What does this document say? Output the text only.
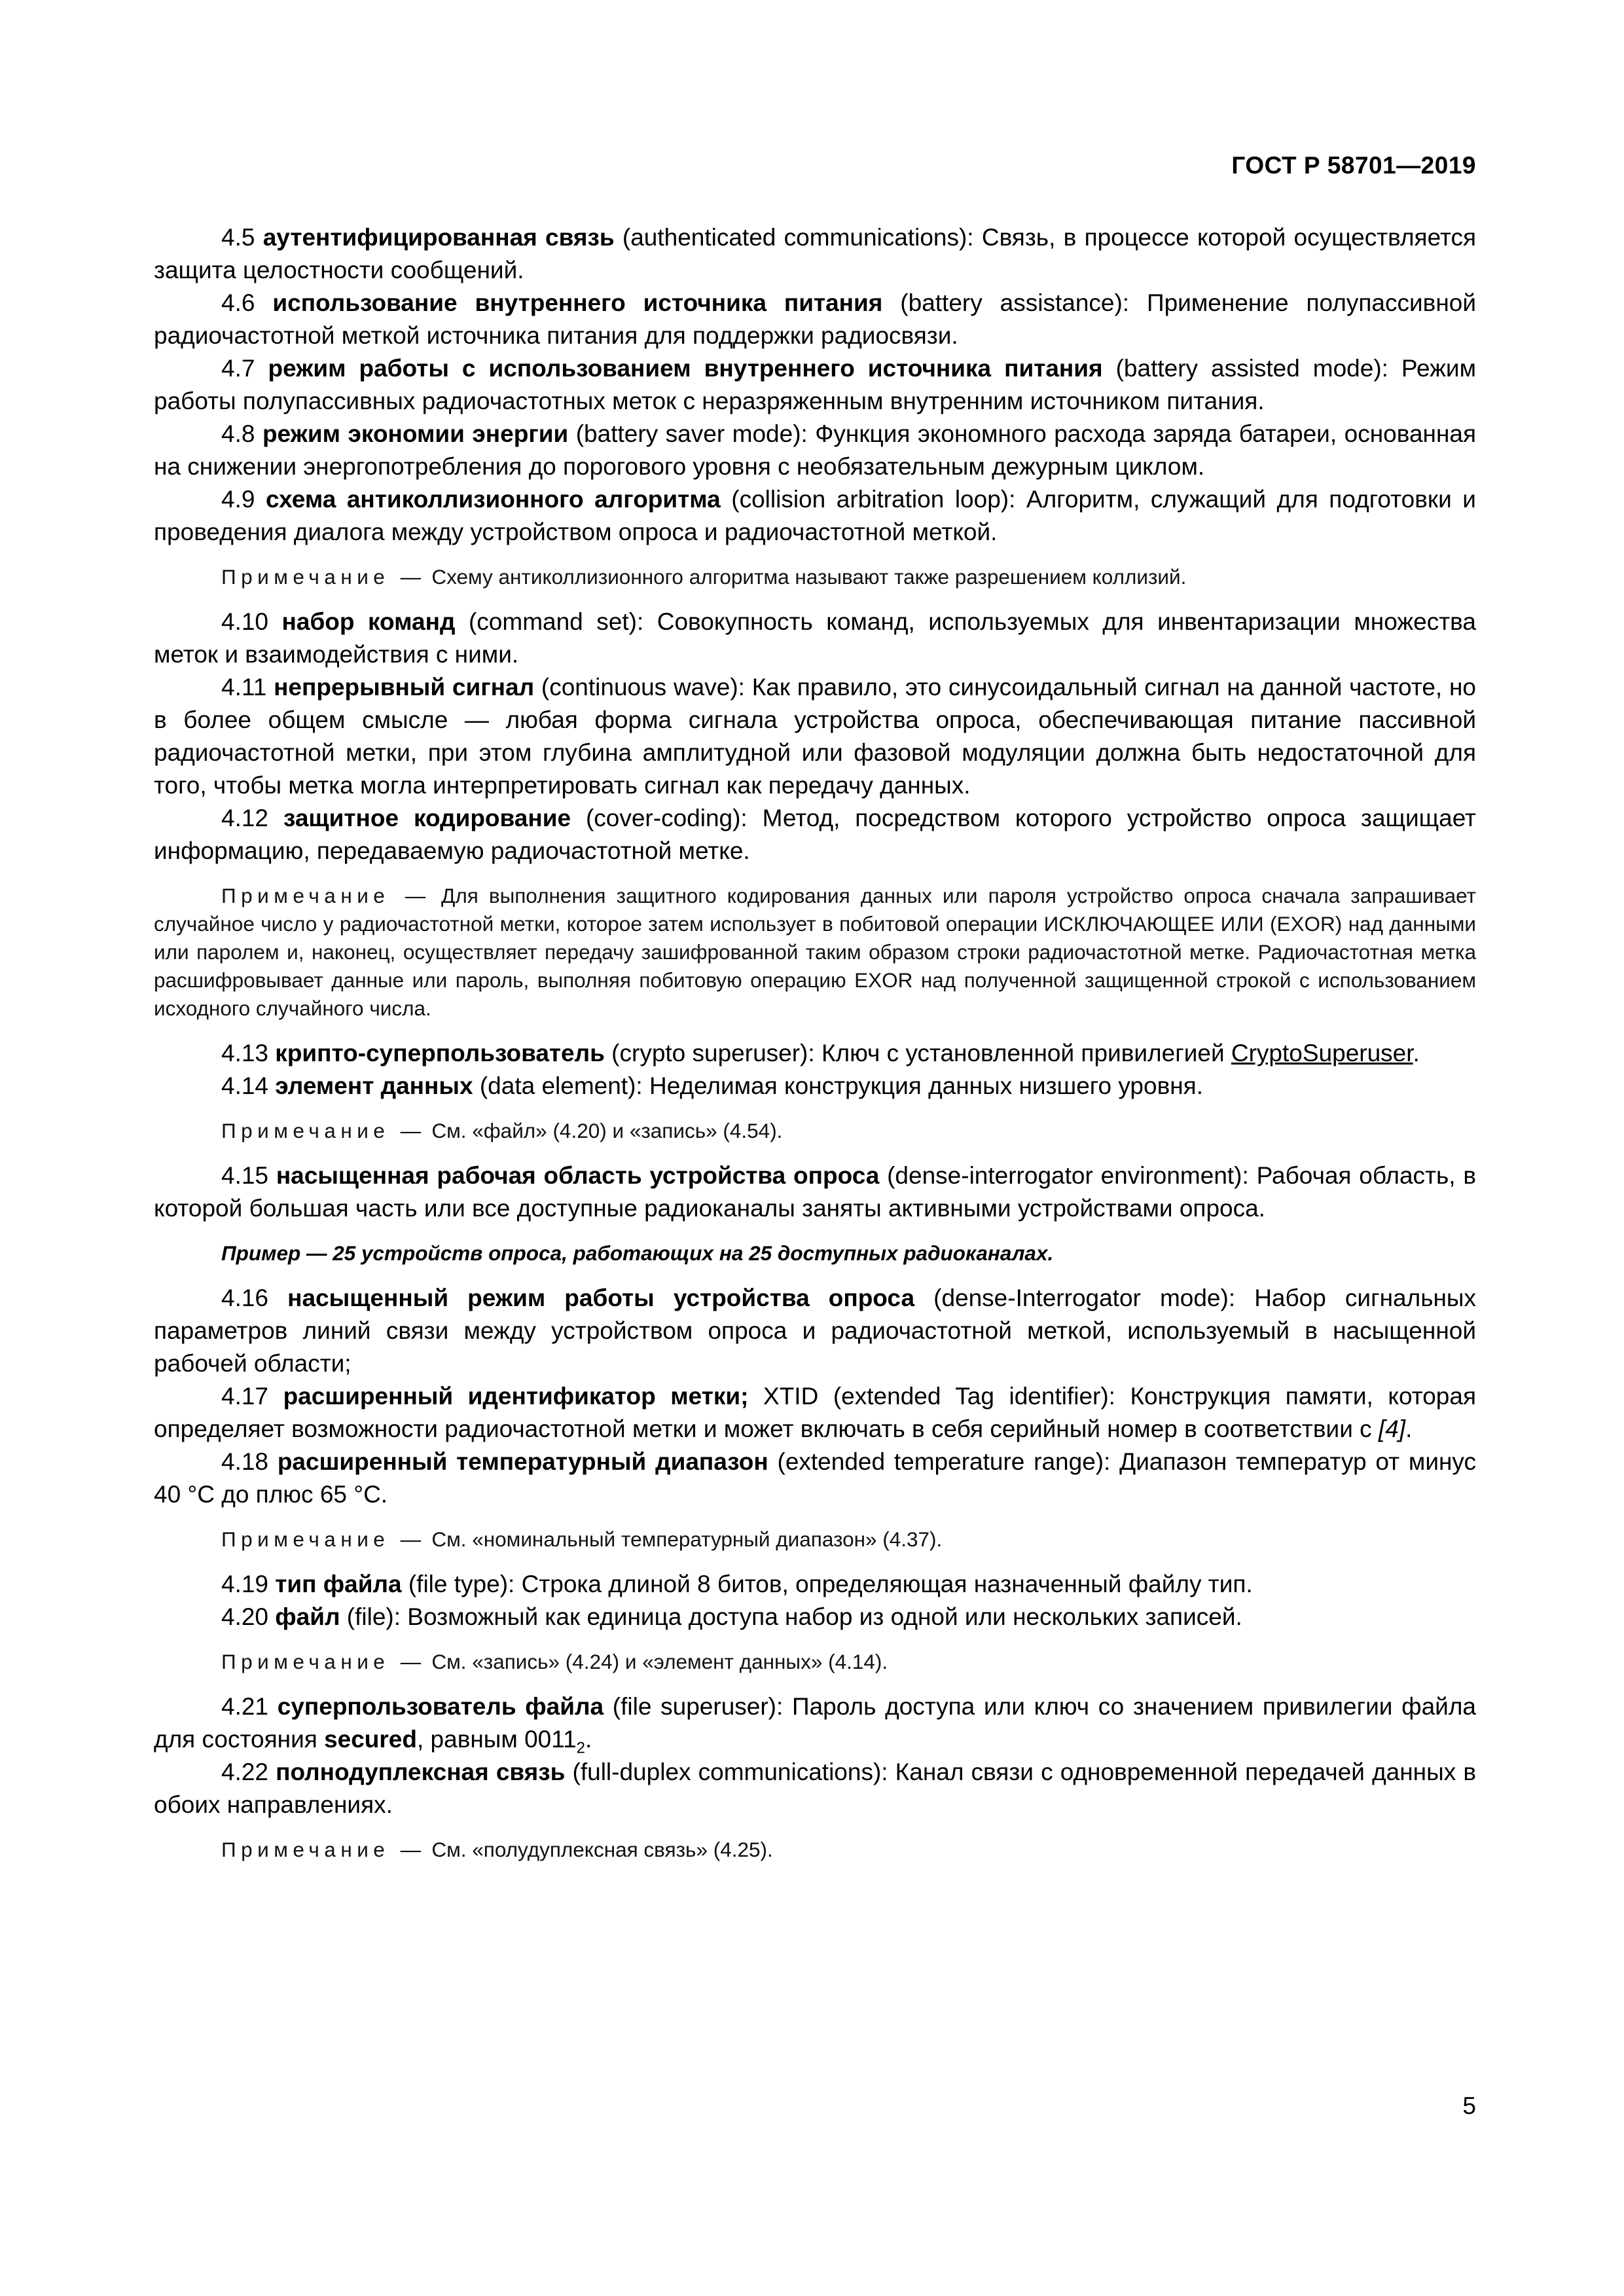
ГОСТ Р 58701—2019

4.5 аутентифицированная связь (authenticated communications): Связь, в процессе которой осуществляется защита целостности сообщений.

4.6 использование внутреннего источника питания (battery assistance): Применение полупассивной радиочастотной меткой источника питания для поддержки радиосвязи.

4.7 режим работы с использованием внутреннего источника питания (battery assisted mode): Режим работы полупассивных радиочастотных меток с неразряженным внутренним источником питания.

4.8 режим экономии энергии (battery saver mode): Функция экономного расхода заряда батареи, основанная на снижении энергопотребления до порогового уровня с необязательным дежурным циклом.

4.9 схема антиколлизионного алгоритма (collision arbitration loop): Алгоритм, служащий для подготовки и проведения диалога между устройством опроса и радиочастотной меткой.

Примечание — Схему антиколлизионного алгоритма называют также разрешением коллизий.

4.10 набор команд (command set): Совокупность команд, используемых для инвентаризации множества меток и взаимодействия с ними.

4.11 непрерывный сигнал (continuous wave): Как правило, это синусоидальный сигнал на данной частоте, но в более общем смысле — любая форма сигнала устройства опроса, обеспечивающая питание пассивной радиочастотной метки, при этом глубина амплитудной или фазовой модуляции должна быть недостаточной для того, чтобы метка могла интерпретировать сигнал как передачу данных.

4.12 защитное кодирование (cover-coding): Метод, посредством которого устройство опроса защищает информацию, передаваемую радиочастотной метке.

Примечание — Для выполнения защитного кодирования данных или пароля устройство опроса сначала запрашивает случайное число у радиочастотной метки, которое затем использует в побитовой операции ИСКЛЮЧАЮЩЕЕ ИЛИ (EXOR) над данными или паролем и, наконец, осуществляет передачу зашифрованной таким образом строки радиочастотной метке. Радиочастотная метка расшифровывает данные или пароль, выполняя побитовую операцию EXOR над полученной защищенной строкой с использованием исходного случайного числа.

4.13 крипто-суперпользователь (crypto superuser): Ключ с установленной привилегией CryptoSuperuser.

4.14 элемент данных (data element): Неделимая конструкция данных низшего уровня.

Примечание — См. «файл» (4.20) и «запись» (4.54).

4.15 насыщенная рабочая область устройства опроса (dense-interrogator environment): Рабочая область, в которой большая часть или все доступные радиоканалы заняты активными устройствами опроса.

Пример — 25 устройств опроса, работающих на 25 доступных радиоканалах.

4.16 насыщенный режим работы устройства опроса (dense-Interrogator mode): Набор сигнальных параметров линий связи между устройством опроса и радиочастотной меткой, используемый в насыщенной рабочей области;

4.17 расширенный идентификатор метки; XTID (extended Tag identifier): Конструкция памяти, которая определяет возможности радиочастотной метки и может включать в себя серийный номер в соответствии с [4].

4.18 расширенный температурный диапазон (extended temperature range): Диапазон температур от минус 40 °С до плюс 65 °С.

Примечание — См. «номинальный температурный диапазон» (4.37).

4.19 тип файла (file type): Строка длиной 8 битов, определяющая назначенный файлу тип.

4.20 файл (file): Возможный как единица доступа набор из одной или нескольких записей.

Примечание — См. «запись» (4.24) и «элемент данных» (4.14).

4.21 суперпользователь файла (file superuser): Пароль доступа или ключ со значением привилегии файла для состояния secured, равным $0011_2$.

4.22 полнодуплексная связь (full-duplex communications): Канал связи с одновременной передачей данных в обоих направлениях.

Примечание — См. «полудуплексная связь» (4.25).

5
